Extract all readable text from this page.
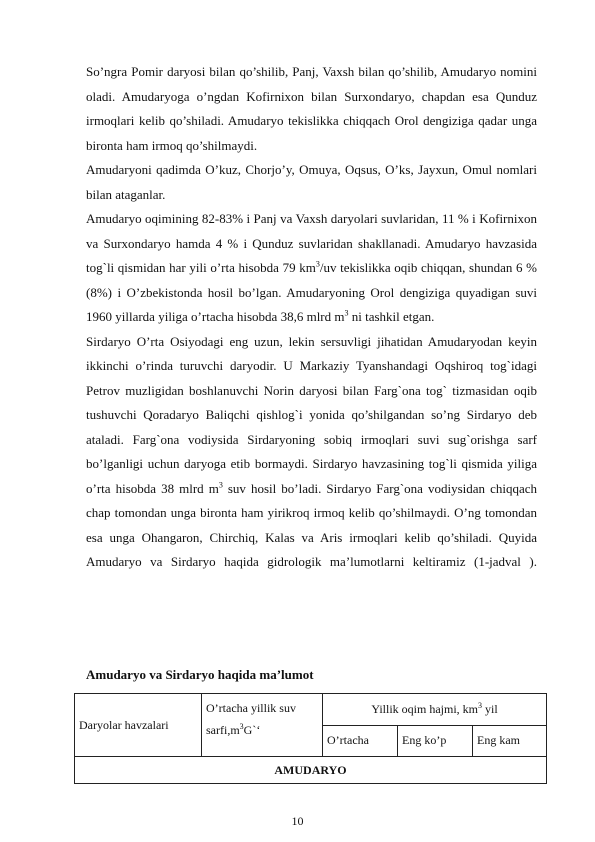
So’ngra Pomir daryosi bilan qo’shilib, Panj, Vaxsh bilan qo’shilib, Amudaryo nomini oladi. Amudaryoga o’ngdan Kofirnixon bilan Surxondaryo, chapdan esa Qunduz irmoqlari kelib qo’shiladi. Amudaryo tekislikka chiqqach Orol dengiziga qadar unga bironta ham irmoq qo’shilmaydi.

Amudaryoni qadimda O’kuz, Chorjo’y, Omuya, Oqsus, O’ks, Jayxun, Omul nomlari bilan ataganlar.

Amudaryo oqimining 82-83% i Panj va Vaxsh daryolari suvlaridan, 11 % i Kofirnixon va Surxondaryo hamda 4 % i Qunduz suvlaridan shakllanadi. Amudaryo havzasida tog`li qismidan har yili o’rta hisobda 79 $km^3/uv$ tekislikka oqib chiqqan, shundan 6 % (8%) i O’zbekistonda hosil bo’lgan. Amudaryoning Orol dengiziga quyadigan suvi 1960 yillarda yiliga o’rtacha hisobda 38,6 mlrd $m^3$ ni tashkil etgan.

Sirdaryo O’rta Osiyodagi eng uzun, lekin sersuvligi jihatidan Amudaryodan keyin ikkinchi o’rinda turuvchi daryodir. U Markaziy Tyanshandagi Oqshiroq tog`idagi Petrov muzligidan boshlanuvchi Norin daryosi bilan Farg`ona tog` tizmasidan oqib tushuvchi Qoradaryo Baliqchi qishlog`i yonida qo’shilgandan so’ng Sirdaryo deb ataladi. Farg`ona vodiysida Sirdaryoning sobiq irmoqlari suvi sug`orishga sarf bo’lganligi uchun daryoga etib bormaydi. Sirdaryo havzasining tog`li qismida yiliga o’rta hisobda 38 mlrd $m^3$ suv hosil bo’ladi. Sirdaryo Farg`ona vodiysidan chiqqach chap tomondan unga bironta ham yirikroq irmoq kelib qo’shilmaydi. O’ng tomondan esa unga Ohangaron, Chirchiq, Kalas va Aris irmoqlari kelib qo’shiladi. Quyida Amudaryo va Sirdaryo haqida gidrologik ma’lumotlarni keltiramiz (1-jadval ).

Amudaryo va Sirdaryo haqida ma’lumot
Daryolar havzalari	O’rtacha yillik suv $sarfi,m^3G`‘$	Yillik oqim hajmi, $km^3$ yil		
		O’rtacha	Eng ko’p	Eng kam
AMUDARYO				
10
